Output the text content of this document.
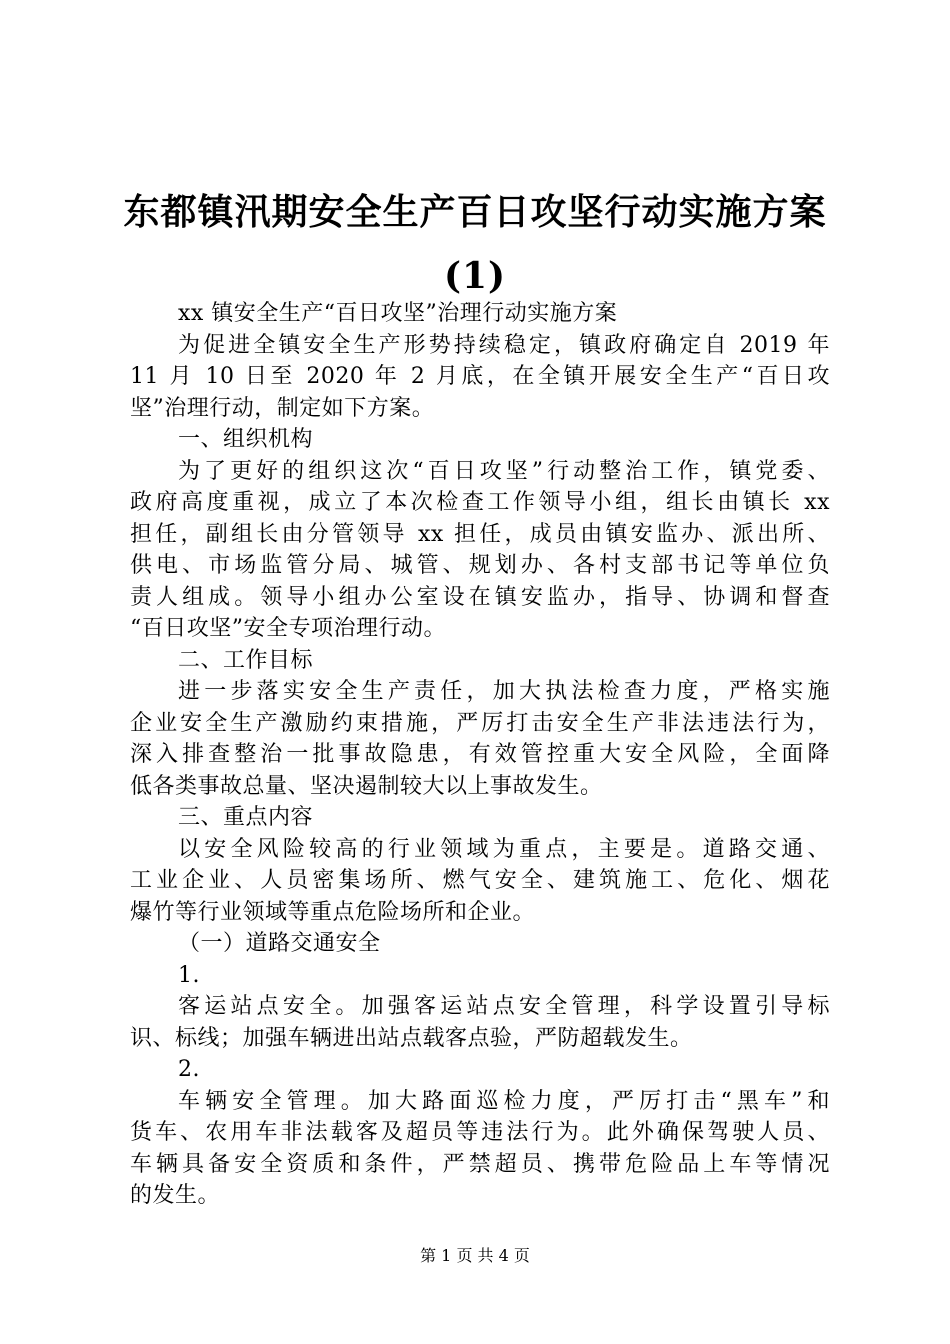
东都镇汛期安全生产百日攻坚行动实施方案
(1)
xx 镇安全生产“百日攻坚”治理行动实施方案
为促进全镇安全生产形势持续稳定，镇政府确定自 2019 年
11 月 10 日至 2020 年 2 月底，在全镇开展安全生产“百日攻
坚”治理行动，制定如下方案。
一、组织机构
为了更好的组织这次“百日攻坚”行动整治工作，镇党委、
政府高度重视，成立了本次检查工作领导小组，组长由镇长 xx
担任，副组长由分管领导 xx 担任，成员由镇安监办、派出所、
供电、市场监管分局、城管、规划办、各村支部书记等单位负
责人组成。领导小组办公室设在镇安监办，指导、协调和督查
“百日攻坚”安全专项治理行动。
二、工作目标
进一步落实安全生产责任，加大执法检查力度，严格实施
企业安全生产激励约束措施，严厉打击安全生产非法违法行为，
深入排查整治一批事故隐患，有效管控重大安全风险，全面降
低各类事故总量、坚决遏制较大以上事故发生。
三、重点内容
以安全风险较高的行业领域为重点，主要是。道路交通、
工业企业、人员密集场所、燃气安全、建筑施工、危化、烟花
爆竹等行业领域等重点危险场所和企业。
（一）道路交通安全
1.
客运站点安全。加强客运站点安全管理，科学设置引导标
识、标线；加强车辆进出站点载客点验，严防超载发生。
2.
车辆安全管理。加大路面巡检力度，严厉打击“黑车”和
货车、农用车非法载客及超员等违法行为。此外确保驾驶人员、
车辆具备安全资质和条件，严禁超员、携带危险品上车等情况
的发生。
第 1 页 共 4 页
